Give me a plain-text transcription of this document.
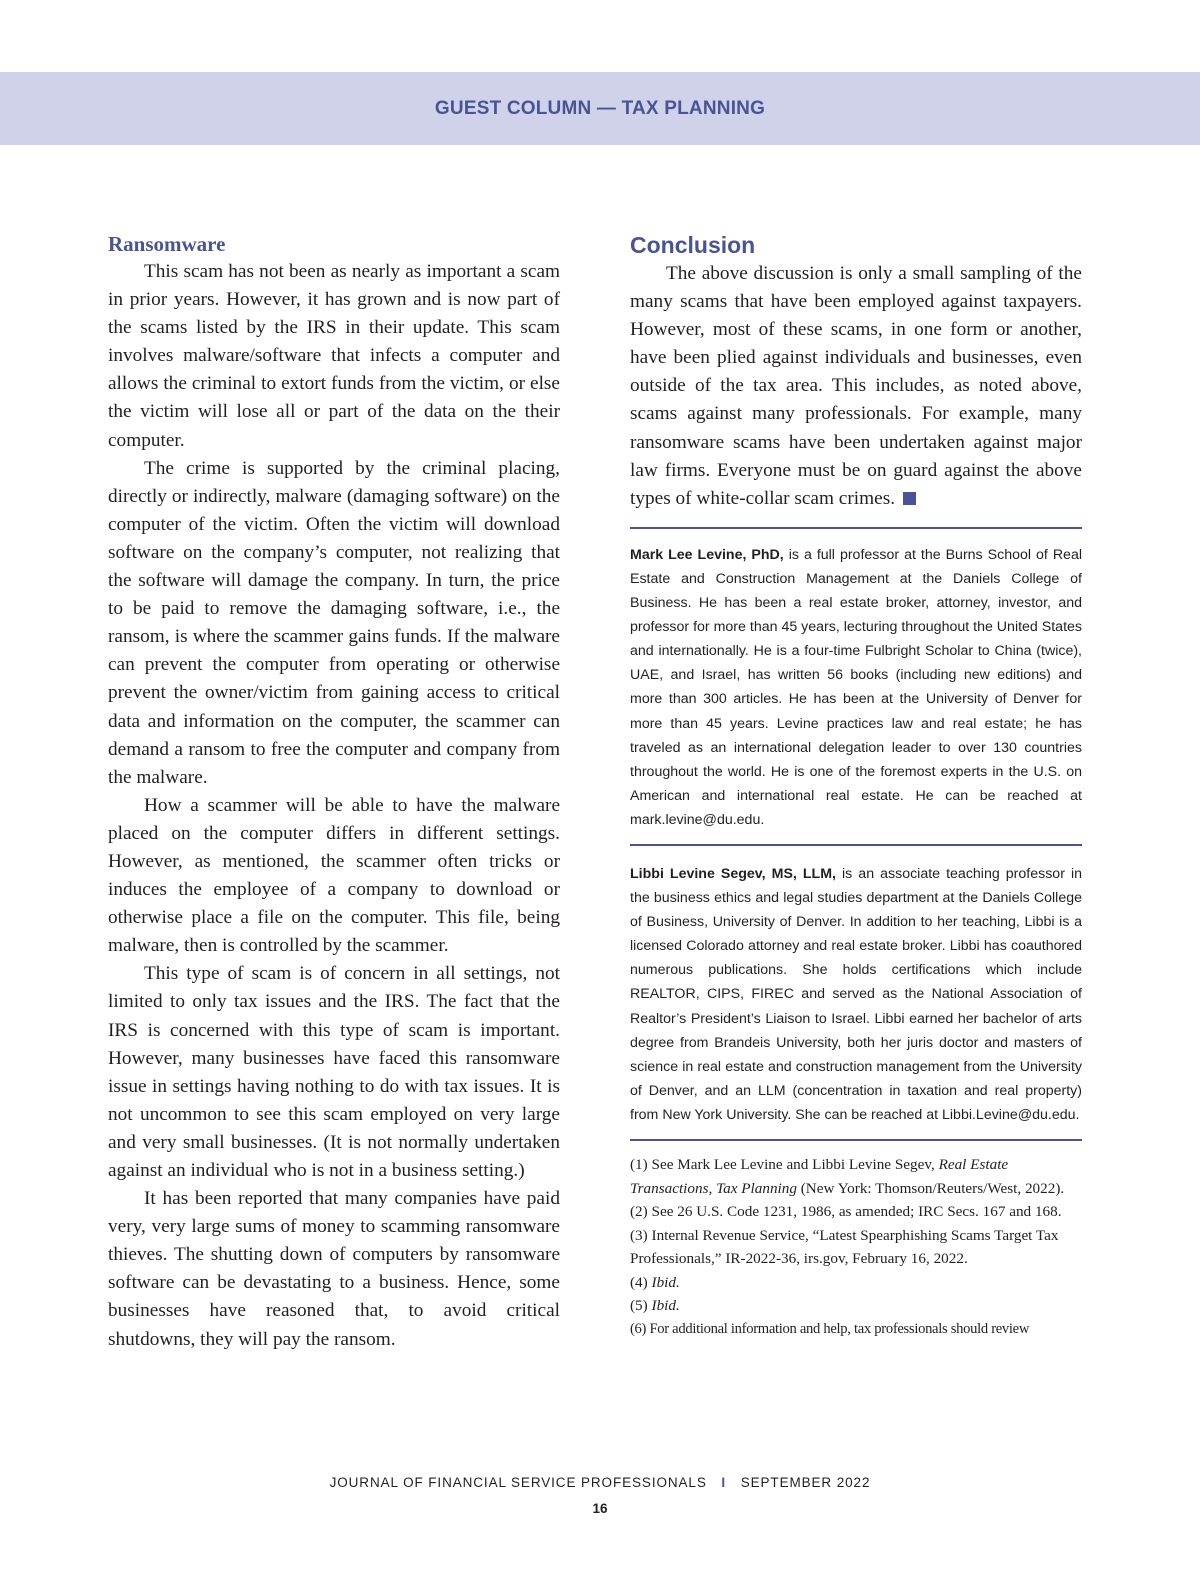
GUEST COLUMN — TAX PLANNING
Ransomware

This scam has not been as nearly as important a scam in prior years. However, it has grown and is now part of the scams listed by the IRS in their update. This scam involves malware/software that infects a computer and allows the criminal to extort funds from the victim, or else the victim will lose all or part of the data on the their computer.

The crime is supported by the criminal placing, directly or indirectly, malware (damaging software) on the computer of the victim. Often the victim will download software on the company’s computer, not realizing that the software will damage the company. In turn, the price to be paid to remove the damaging software, i.e., the ransom, is where the scammer gains funds. If the malware can prevent the computer from operating or otherwise prevent the owner/victim from gaining access to critical data and information on the computer, the scammer can demand a ransom to free the computer and company from the malware.

How a scammer will be able to have the malware placed on the computer differs in different settings. However, as mentioned, the scammer often tricks or induces the employee of a company to download or otherwise place a file on the computer. This file, being malware, then is controlled by the scammer.

This type of scam is of concern in all settings, not limited to only tax issues and the IRS. The fact that the IRS is concerned with this type of scam is important. However, many businesses have faced this ransomware issue in settings having nothing to do with tax issues. It is not uncommon to see this scam employed on very large and very small businesses. (It is not normally undertaken against an individual who is not in a business setting.)

It has been reported that many companies have paid very, very large sums of money to scamming ransomware thieves. The shutting down of computers by ransomware software can be devastating to a business. Hence, some businesses have reasoned that, to avoid critical shutdowns, they will pay the ransom.

Conclusion

The above discussion is only a small sampling of the many scams that have been employed against taxpayers. However, most of these scams, in one form or another, have been plied against individuals and businesses, even outside of the tax area. This includes, as noted above, scams against many professionals. For example, many ransomware scams have been undertaken against major law firms. Everyone must be on guard against the above types of white-collar scam crimes.

Mark Lee Levine, PhD, is a full professor at the Burns School of Real Estate and Construction Management at the Daniels College of Business. He has been a real estate broker, attorney, investor, and professor for more than 45 years, lecturing throughout the United States and internationally. He is a four-time Fulbright Scholar to China (twice), UAE, and Israel, has written 56 books (including new editions) and more than 300 articles. He has been at the University of Denver for more than 45 years. Levine practices law and real estate; he has traveled as an international delegation leader to over 130 countries throughout the world. He is one of the foremost experts in the U.S. on American and international real estate. He can be reached at mark.levine@du.edu.

Libbi Levine Segev, MS, LLM, is an associate teaching professor in the business ethics and legal studies department at the Daniels College of Business, University of Denver. In addition to her teaching, Libbi is a licensed Colorado attorney and real estate broker. Libbi has coauthored numerous publications. She holds certifications which include REALTOR, CIPS, FIREC and served as the National Association of Realtor’s President’s Liaison to Israel. Libbi earned her bachelor of arts degree from Brandeis University, both her juris doctor and masters of science in real estate and construction management from the University of Denver, and an LLM (concentration in taxation and real property) from New York University. She can be reached at Libbi.Levine@du.edu.

(1) See Mark Lee Levine and Libbi Levine Segev, Real Estate Transactions, Tax Planning (New York: Thomson/Reuters/West, 2022).

(2) See 26 U.S. Code 1231, 1986, as amended; IRC Secs. 167 and 168.

(3) Internal Revenue Service, “Latest Spearphishing Scams Target Tax Professionals,” IR-2022-36, irs.gov, February 16, 2022.

(4) Ibid.

(5) Ibid.

(6) For additional information and help, tax professionals should review

JOURNAL OF FINANCIAL SERVICE PROFESSIONALS I SEPTEMBER 2022
16
